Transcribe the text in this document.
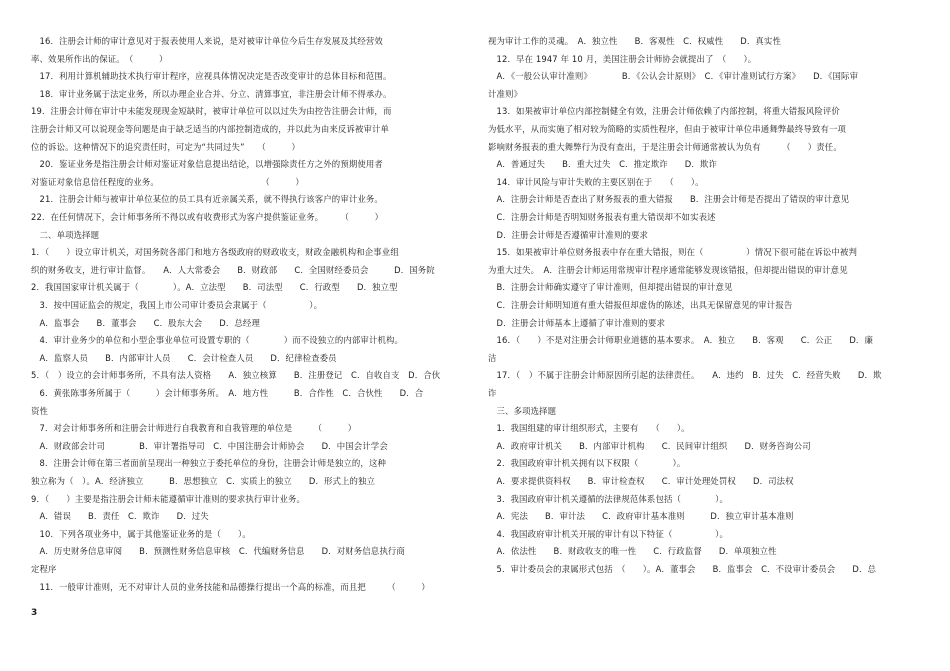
　16．注册会计师的审计意见对于报表使用人来说，是对被审计单位今后生存发展及其经营效
率、效果所作出的保证。　（　　　）
　17．利用计算机辅助技术执行审计程序，应视具体情况决定是否改变审计的总体目标和范围。
　18．审计业务属于法定业务，所以办理企业合并、分立、清算事宜，非注册会计师不得承办。
19．注册会计师在审计中未能发现现金短缺时，被审计单位可以以过失为由控告注册会计师，而
注册会计师又可以说现金等问题是由于缺乏适当的内部控制造成的，并以此为由来反诉被审计单
位的诉讼。这种情况下的追究责任时，可定为“共同过失”　　（　　　）
　20．鉴证业务是指注册会计师对鉴证对象信息提出结论，以增强除责任方之外的预期使用者
对鉴证对象信息信任程度的业务。　　　　　　　　　　　　　（　　　）
　21．注册会计师与被审计单位某位的员工具有近亲属关系，就不得执行该客户的审计业务。
22．在任何情况下，会计师事务所不得以或有收费形式为客户提供鉴证业务。　　　（　　　）
　二、单项选择题
1．（　　）设立审计机关，对国务院各部门和地方各级政府的财政收支，财政金融机构和企事业组
织的财务收支，进行审计监督。　　A．人大常委会　　B．财政部　　C．全国财经委员会　　　D．国务院
2．我国国家审计机关属于（　　　　）。A．立法型　　B．司法型　　C．行政型　　D．独立型
　3．按中国证监会的规定，我国上市公司审计委员会隶属于（　　　　　）。
　A．监事会　　B．董事会　　C．股东大会　　D．总经理
　4．审计业务少的单位和小型企事业单位可设置专职的（　　　　）而不设独立的内部审计机构。
　A．监察人员　　B．内部审计人员　　C．会计检查人员　　D．纪律检查委员
5．（　）设立的会计师事务所，不具有法人资格　　A．独立核算　　B．注册登记　C．自收自支　D．合伙
　6．黄张陈事务所属于（　　　）会计师事务所。　A．地方性　　　B．合作性　C．合伙性　　D．合
资性
　7．对会计师事务所和注册会计师进行自我教育和自我管理的单位是　　　（　　　）
　A．财政部会计司　　　　B．审计署指导司　C．中国注册会计师协会　　D．中国会计学会
　8．注册会计师在第三者面前呈现出一种独立于委托单位的身份，注册会计师是独立的，这种
独立称为（　）。A．经济独立　　　B．思想独立　C．实质上的独立　　D．形式上的独立
9．（　　）主要是指注册会计师未能遵循审计准则的要求执行审计业务。
　A．错误　　B．责任　C．欺诈　　D．过失
　10．下列各项业务中，属于其他鉴证业务的是（　　）。
　A．历史财务信息审阅　　B．预测性财务信息审核　C．代编财务信息　　D．对财务信息执行商
定程序
　11．一般审计准则，无不对审计人员的业务技能和品德操行提出一个高的标准，而且把　　　（　　　）
视为审计工作的灵魂。　A．独立性　　B．客观性　C．权威性　　D．真实性
　12．早在 1947 年 10 月，美国注册会计师协会就提出了　（　　）。
　A．《一般公认审计准则》　　　　B．《公认会计原则》　C．《审计准则试行方案》　　D．《国际审
计准则》
　13．如果被审计单位内部控制健全有效，注册会计师依赖了内部控制，将重大错报风险评价
为低水平，从而实施了相对较为简略的实质性程序，但由于被审计单位串通舞弊最终导致有一项
影响财务报表的重大舞弊行为没有查出，于是注册会计师通常被认为负有　　　（　　）责任。
　A．普通过失　　B．重大过失　C．推定欺诈　　D．欺诈
　14．审计风险与审计失败的主要区别在于　　（　　）。
　A．注册会计师是否查出了财务报表的重大错报　　B．注册会计师是否提出了错误的审计意见
　C．注册会计师是否明知财务报表有重大错误却不如实表述
　D．注册会计师是否遵循审计准则的要求
　15．如果被审计单位财务报表中存在重大错报，则在（　　　　　）情况下很可能在诉讼中被判
为重大过失。　A．注册会计师运用常规审计程序通常能够发现该错报，但却提出错误的审计意见
　B．注册会计师确实遵守了审计准则，但却提出错误的审计意见
　C．注册会计师明知道有重大错报但却虚伪的陈述，出具无保留意见的审计报告
　D．注册会计师基本上遵循了审计准则的要求
　16．（　　）不是对注册会计师职业道德的基本要求。　A．独立　　B．客观　　C．公正　　D．廉
洁
　17．（　）不属于注册会计师原因所引起的法律责任。　　A．违约　B．过失　C．经营失败　　D．欺
诈
　三、多项选择题
　1．我国组建的审计组织形式，主要有　　（　　）。
　A．政府审计机关　　B．内部审计机构　　C．民间审计组织　　D．财务咨询公司
　2．我国政府审计机关拥有以下权限（　　　　）。
　A．要求提供资料权　　B．审计检查权　　C．审计处理处罚权　　D．司法权
　3．我国政府审计机关遵循的法律规范体系包括（　　　　）。
　A．宪法　　B．审计法　　C．政府审计基本准则　　　D．独立审计基本准则
　4．我国政府审计机关开展的审计有以下特征（　　　　　）。
　A．依法性　　B．财政收支的唯一性　　C．行政监督　　D．单项独立性
　5．审计委员会的隶属形式包括　（　　）。A．董事会　　B．监事会　C．不设审计委员会　　D．总
3
